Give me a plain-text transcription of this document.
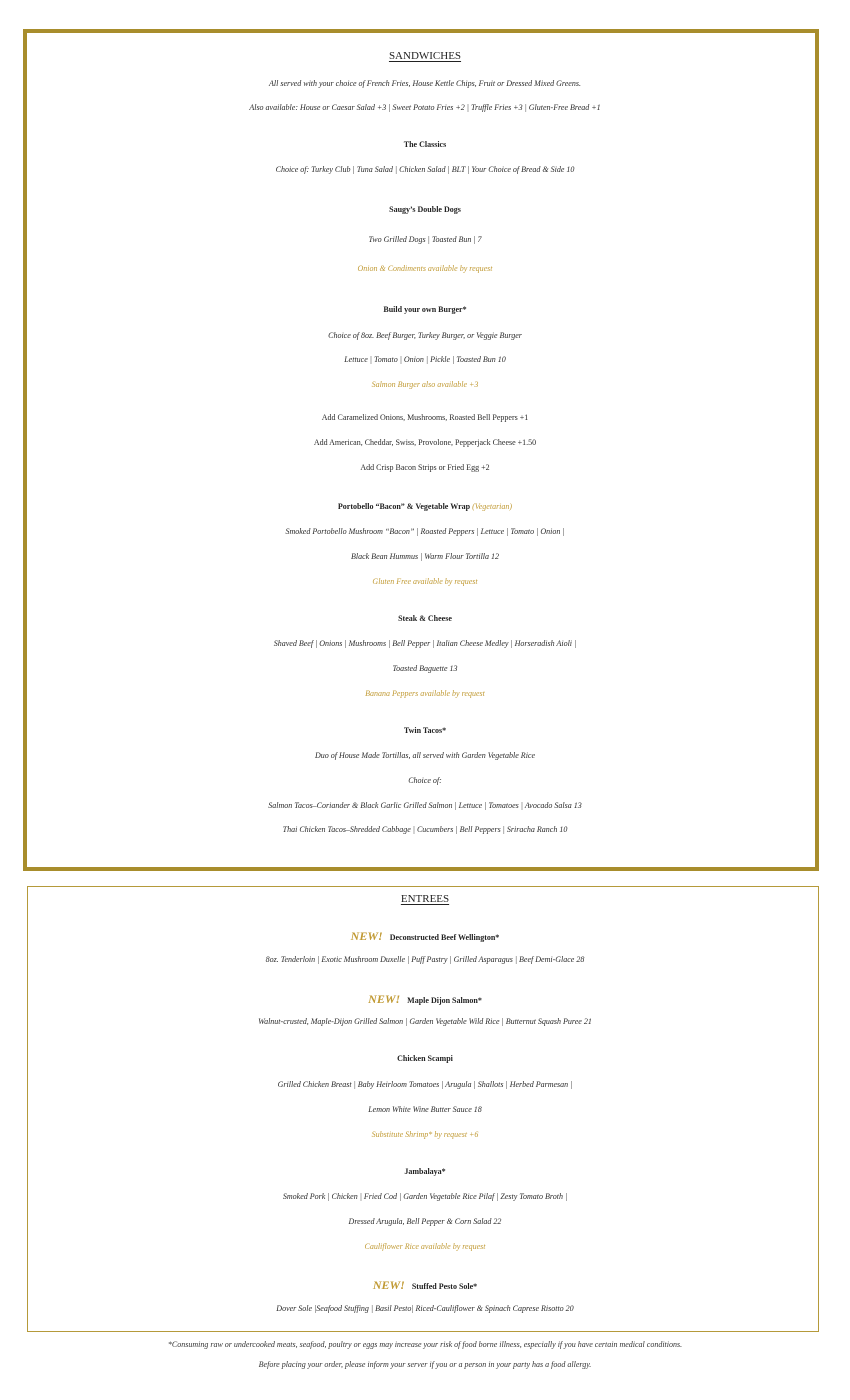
SANDWICHES
All served with your choice of French Fries, House Kettle Chips, Fruit or Dressed Mixed Greens.
Also available: House or Caesar Salad +3 | Sweet Potato Fries +2 | Truffle Fries +3 | Gluten-Free Bread +1
The Classics
Choice of: Turkey Club | Tuna Salad | Chicken Salad | BLT | Your Choice of Bread & Side 10
Saugy’s Double Dogs
Two Grilled Dogs | Toasted Bun | 7
Onion & Condiments available by request
Build your own Burger*
Choice of 8oz. Beef Burger, Turkey Burger, or Veggie Burger
Lettuce | Tomato | Onion | Pickle | Toasted Bun 10
Salmon Burger also available +3
Add Caramelized Onions, Mushrooms, Roasted Bell Peppers +1
Add American, Cheddar, Swiss, Provolone, Pepperjack Cheese +1.50
Add Crisp Bacon Strips or Fried Egg +2
Portobello “Bacon” & Vegetable Wrap (Vegetarian)
Smoked Portobello Mushroom “Bacon” | Roasted Peppers | Lettuce | Tomato | Onion |
Black Bean Hummus | Warm Flour Tortilla 12
Gluten Free available by request
Steak & Cheese
Shaved Beef | Onions | Mushrooms | Bell Pepper | Italian Cheese Medley | Horseradish Aioli |
Toasted Baguette 13
Banana Peppers available by request
Twin Tacos*
Duo of House Made Tortillas, all served with Garden Vegetable Rice
Choice of:
Salmon Tacos–Coriander & Black Garlic Grilled Salmon | Lettuce | Tomatoes | Avocado Salsa 13
Thai Chicken Tacos–Shredded Cabbage | Cucumbers | Bell Peppers | Sriracha Ranch 10
ENTREES
NEW! Deconstructed Beef Wellington*
8oz. Tenderloin | Exotic Mushroom Duxelle | Puff Pastry | Grilled Asparagus | Beef Demi-Glace 28
NEW! Maple Dijon Salmon*
Walnut-crusted, Maple-Dijon Grilled Salmon | Garden Vegetable Wild Rice | Butternut Squash Puree 21
Chicken Scampi
Grilled Chicken Breast | Baby Heirloom Tomatoes | Arugula | Shallots | Herbed Parmesan |
Lemon White Wine Butter Sauce 18
Substitute Shrimp* by request +6
Jambalaya*
Smoked Pork | Chicken | Fried Cod | Garden Vegetable Rice Pilaf | Zesty Tomato Broth |
Dressed Arugula, Bell Pepper & Corn Salad 22
Cauliflower Rice available by request
NEW! Stuffed Pesto Sole*
Dover Sole |Seafood Stuffing | Basil Pesto| Riced-Cauliflower & Spinach Caprese Risotto 20
*Consuming raw or undercooked meats, seafood, poultry or eggs may increase your risk of food borne illness, especially if you have certain medical conditions.
Before placing your order, please inform your server if you or a person in your party has a food allergy.
